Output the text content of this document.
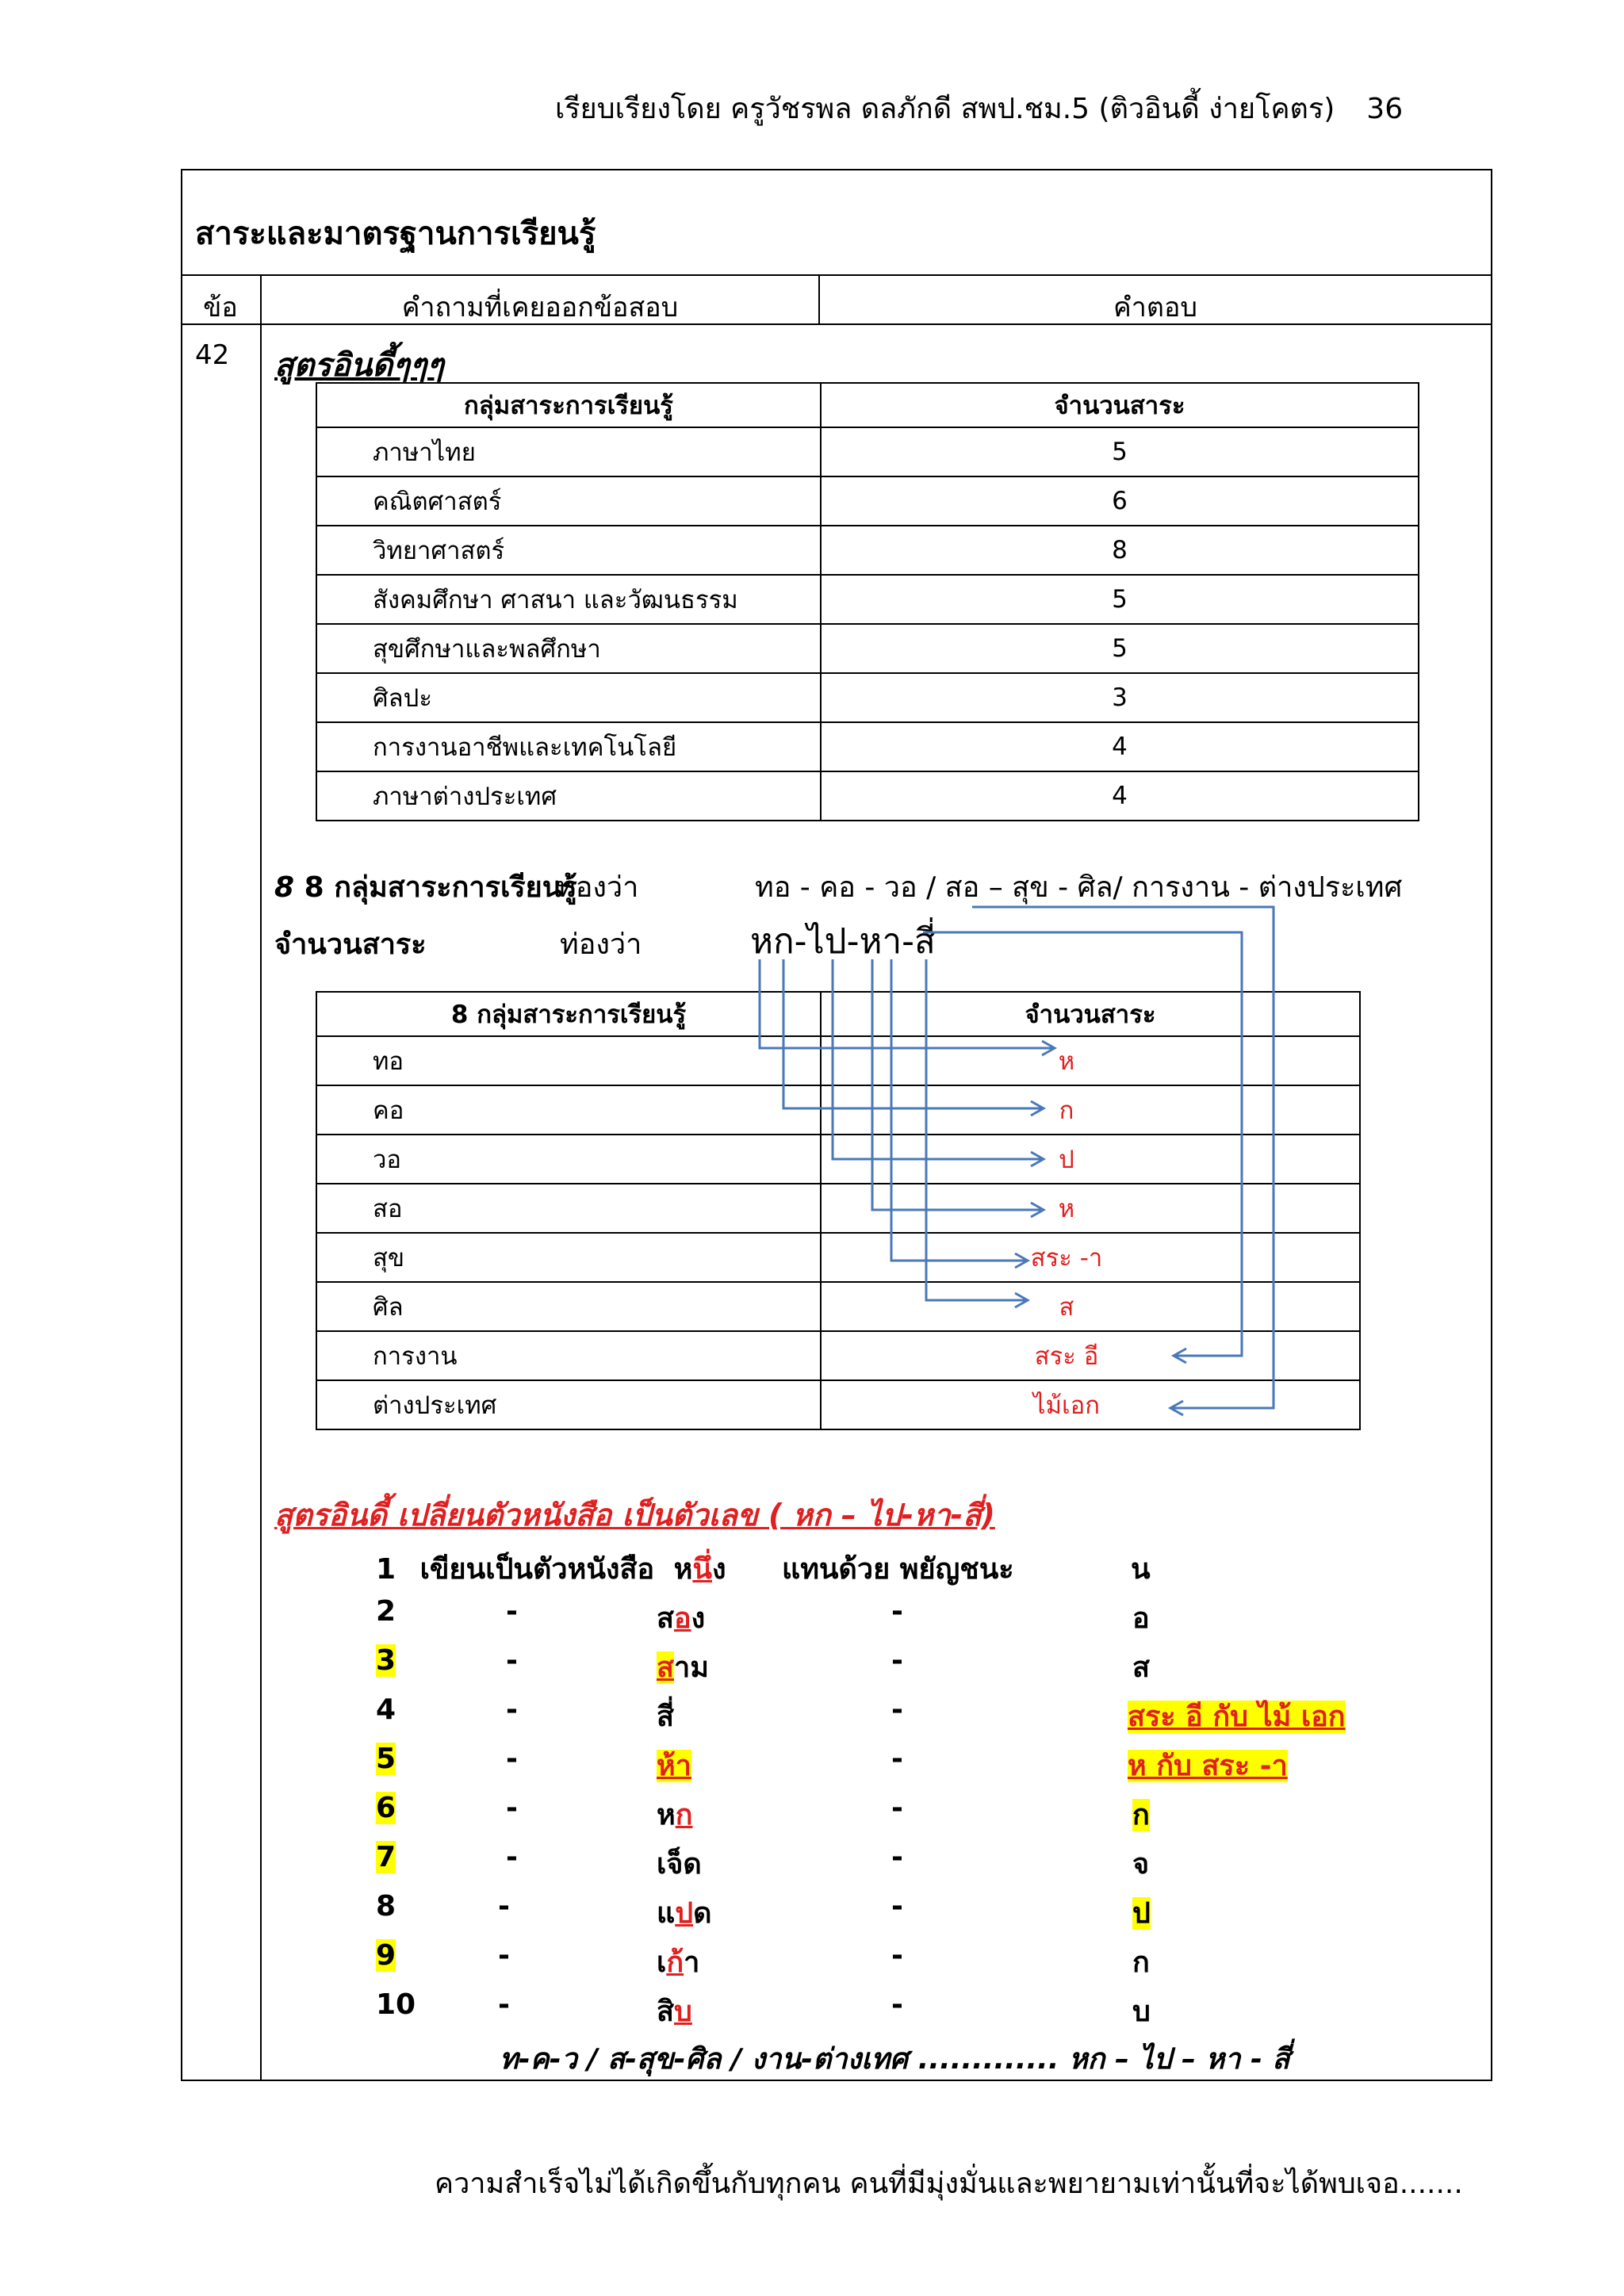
เรียบเรียงโดย ครูวัชรพล ดลภักดี สพป.ชม.5 (ติวอินดี้ ง่ายโคตร) 36
สาระและมาตรฐานการเรียนรู้
ข้อ	คำถามที่เคยออกข้อสอบ	คำตอบ
42 สูตรอินดี้ๆๆๆ
กลุ่มสาระการเรียนรู้	จำนวนสาระ
ภาษาไทย	5
คณิตศาสตร์	6
วิทยาศาสตร์	8
สังคมศึกษา ศาสนา และวัฒนธรรม	5
สุขศึกษาและพลศึกษา	5
ศิลปะ	3
การงานอาชีพและเทคโนโลยี	4
ภาษาต่างประเทศ	4
8 8 กลุ่มสาระการเรียนรู้
ท่องว่า	ทอ - คอ - วอ / สอ – สุข - ศิล/ การงาน - ต่างประเทศ
จำนวนสาระ	ท่องว่า	หก-ไป-หา-สี่
8 กลุ่มสาระการเรียนรู้	จำนวนสาระ
ทอ	ห
คอ	ก
วอ	ป
สอ	ห
สุข	สระ -า
ศิล	ส
การงาน	สระ อี
ต่างประเทศ	ไม้เอก
สูตรอินดี้ เปลี่ยนตัวหนังสือ เป็นตัวเลข ( หก – ไป-หา-สี่)
1 เขียนเป็นตัวหนังสือ หนึ่ง แทนด้วย พยัญชนะ	น
2	-	สอง	-	อ
3	-	สาม	-	ส
4	-	สี่	-	สระ อี กับ ไม้ เอก
5	-	ห้า	-	ห กับ สระ -า
6	-	หก	-	ก
7	-	เจ็ด	-	จ
8	-	แปด	-	ป
9	-	เก้า	-	ก
10	-	สิบ	-	บ
ท-ค-ว / ส-สุข-ศิล / งาน-ต่างเทศ ............. หก – ไป – หา - สี่
ความสำเร็จไม่ได้เกิดขึ้นกับทุกคน คนที่มีมุ่งมั่นและพยายามเท่านั้นที่จะได้พบเจอ.......
